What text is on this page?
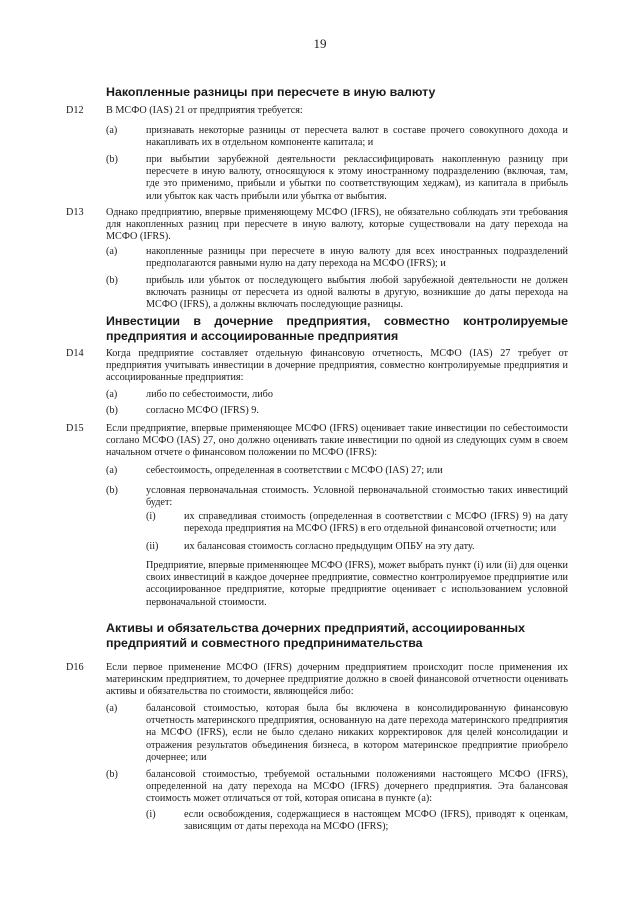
19
Накопленные разницы при пересчете в иную валюту
D12 В МСФО (IAS) 21 от предприятия требуется:
(a)	признавать некоторые разницы от пересчета валют в составе прочего совокупного дохода и накапливать их в отдельном компоненте капитала; и
(b)	при выбытии зарубежной деятельности реклассифицировать накопленную разницу при пересчете в иную валюту, относящуюся к этому иностранному подразделению (включая, там, где это применимо, прибыли и убытки по соответствующим хеджам), из капитала в прибыль или убыток как часть прибыли или убытка от выбытия.
D13 Однако предприятию, впервые применяющему МСФО (IFRS), не обязательно соблюдать эти требования для накопленных разниц при пересчете в иную валюту, которые существовали на дату перехода на МСФО (IFRS).
(a)	накопленные разницы при пересчете в иную валюту для всех иностранных подразделений предполагаются равными нулю на дату перехода на МСФО (IFRS); и
(b)	прибыль или убыток от последующего выбытия любой зарубежной деятельности не должен включать разницы от пересчета из одной валюты в другую, возникшие до даты перехода на МСФО (IFRS), а должны включать последующие разницы.
Инвестиции в дочерние предприятия, совместно контролируемые
предприятия и ассоциированные предприятия
D14 Когда предприятие составляет отдельную финансовую отчетность, МСФО (IAS) 27 требует от предприятия учитывать инвестиции в дочерние предприятия, совместно контролируемые предприятия и ассоциированные предприятия:
(a)	либо по себестоимости, либо
(b)	согласно МСФО (IFRS) 9.
D15 Если предприятие, впервые применяющее МСФО (IFRS) оценивает такие инвестиции по себестоимости соглано МСФО (IAS) 27, оно должно оценивать такие инвестиции по одной из следующих сумм в своем начальном отчете о финансовом положении по МСФО (IFRS):
(a)	себестоимость, определенная в соответствии с МСФО (IAS) 27; или
(b)	условная первоначальная стоимость. Условной первоначальной стоимостью таких инвестиций будет:
(i)	их справедливая стоимость (определенная в соответствии с МСФО (IFRS) 9) на дату перехода предприятия на МСФО (IFRS) в его отдельной финансовой отчетности; или
(ii)	их балансовая стоимость согласно предыдущим ОПБУ на эту дату.
Предприятие, впервые применяющее МСФО (IFRS), может выбрать пункт (i) или (ii) для оценки своих инвестиций в каждое дочернее предприятие, совместно контролируемое предприятие или ассоциированное предприятие, которые предприятие оценивает с использованием условной первоначальной стоимости.
Активы и обязательства дочерних предприятий, ассоциированных
предприятий и совместного предпринимательства
D16 Если первое применение МСФО (IFRS) дочерним предприятием происходит после применения их материнским предприятием, то дочернее предприятие должно в своей финансовой отчетности оценивать активы и обязательства по стоимости, являющейся либо:
(a)	балансовой стоимостью, которая была бы включена в консолидированную финансовую отчетность материнского предприятия, основанную на дате перехода материнского предприятия на МСФО (IFRS), если не было сделано никаких корректировок для целей консолидации и отражения результатов объединения бизнеса, в котором материнское предприятие приобрело дочернее; или
(b)	балансовой стоимостью, требуемой остальными положениями настоящего МСФО (IFRS), определенной на дату перехода на МСФО (IFRS) дочернего предприятия. Эта балансовая стоимость может отличаться от той, которая описана в пункте (a):
(i)	если освобождения, содержащиеся в настоящем МСФО (IFRS), приводят к оценкам, зависящим от даты перехода на МСФО (IFRS);
